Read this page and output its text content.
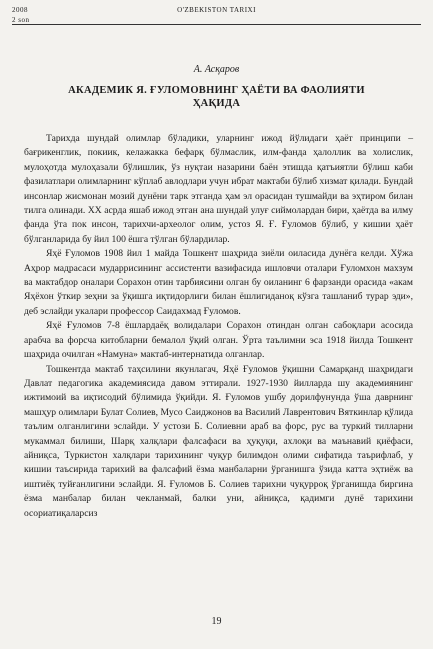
2008	O'ZBEKISTON TARIXI
2 son
А. Асқаров
АКАДЕМИК Я. ҒУЛОМОВНИНГ ҲАЁТИ ВА ФАОЛИЯТИ ҲАҚИДА

Тарихда шундай олимлар бўладики, уларнинг ижод йўлидаги ҳаёт принципи – бағрикенглик, покиик, келажакка бефарқ бўлмаслик, илм-фанда ҳалоллик ва холислик, мулоҳотда мулоҳазали бўлишлик, ўз нуқтаи назарини баён этишда қатъиятли бўлиш каби фазилатлари олимларнинг кўплаб авлодлари учун ибрат мактаби бўлиб хизмат қилади. Бундай инсонлар жисмонан мозий дунёни тарк этганда ҳам эл орасидан тушмайди ва эҳтиром билан тилга олинади. XX асрда яшаб ижод этган ана шундай улуғ сиймолардан бири, ҳаётда ва илму фанда ўта пок инсон, тарихчи-археолог олим, устоз Я. Ғ. Ғуломов бўлиб, у кишии ҳаёт бўлганларида бу йил 100 ёшга тўлган бўлардилар.

Яҳё Ғуломов 1908 йил 1 майда Тошкент шаҳрида зиёли оиласида дунёга келди. Хўжа Аҳрор мадрасаси мударрисининг ассистенти вазифасида ишловчи оталари Ғуломхон махзум ва мактабдор оналари Сорахон отин тарбиясини олган бу оиланинг 6 фарзанди орасида «акам Яҳёхон ўткир зеҳни за ўқишга иқтидорлиги билан ёшлигиданоқ кўзга ташланиб турар эди», деб эслайди укалари профессор Саидахмад Ғуломов.

Яҳё Ғуломов 7-8 ёшлардаёқ волидалари Сорахон отиндан олган сабоқлари асосида арабча ва форсча китобларни бемалол ўқий олган. Ўрта таълимни эса 1918 йилда Тошкент шаҳрида очилган «Намуна» мактаб-интернатида олганлар.

Тошкентда мактаб таҳсилини якунлагач, Яҳё Ғуломов ўқишни Самарқанд шаҳридаги Давлат педагогика академиясида давом эттирали. 1927-1930 йилларда шу академиянинг ижтимоий ва иқтисодий бўлимида ўқийди. Я. Ғуломов ушбу дорилфунунда ўша даврнинг машҳур олимлари Булат Солиев, Мусо Саиджонов ва Василий Лаврентович Вяткинлар қўлида таълим олганлигини эслайди. У устози Б. Солиевни араб ва форс, рус ва туркий тилларни мукаммал билиши, Шарқ халқлари фалсафаси ва ҳуқуқи, ахлоқи ва маънавий қиёфаси, айниқса, Туркистон халқлари тарихининг чуқур билимдон олими сифатида таърифлаб, у кишии таъсирида тарихий ва фалсафий ёзма манбаларни ўрганишга ўзида катта эҳтиёж ва иштиёқ туйғанлигини эслайди. Я. Ғуломов Б. Солиев тарихни чуқурроқ ўрганишда биргина ёзма манбалар билан чекланмай, балки уни, айниқса, қадимги дунё тарихини осориатиқаларсиз

19
